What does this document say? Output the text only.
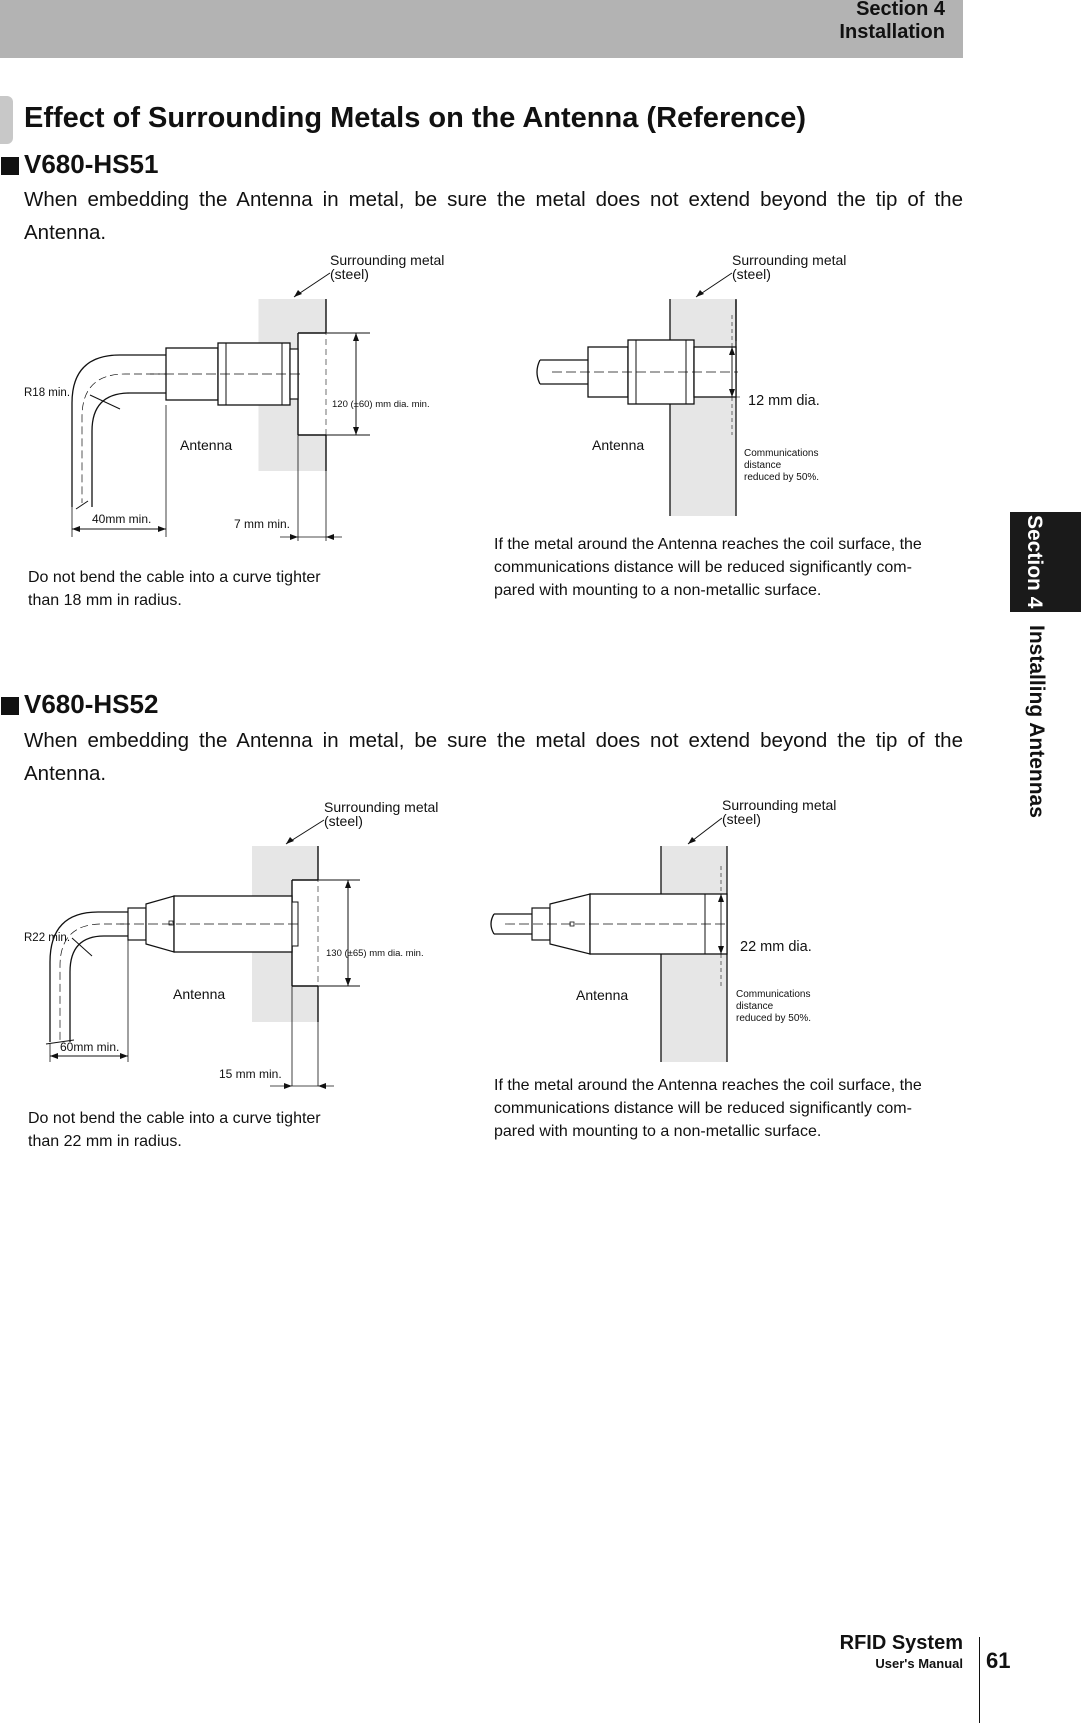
Section 4
Installation
Section 4
Installing Antennas
Effect of Surrounding Metals on the Antenna (Reference)
V680-HS51
When embedding the Antenna in metal, be sure the metal does not extend beyond the tip of the Antenna.
Surrounding metal
(steel)
R18 min.
Antenna
120 (±60) mm dia. min.
40mm min.	7 mm min.
Surrounding metal
(steel)
Antenna
12 mm dia.
Communications
distance
reduced by 50%.
Do not bend the cable into a curve tighter
than 18 mm in radius.
If the metal around the Antenna reaches the coil surface, the
communications distance will be reduced significantly com-
pared with mounting to a non-metallic surface.
V680-HS52
When embedding the Antenna in metal, be sure the metal does not extend beyond the tip of the Antenna.
Surrounding metal
(steel)
R22 min.
Antenna
130 (±65) mm dia. min.
60mm min.
15 mm min.
Surrounding metal
(steel)
Antenna
22 mm dia.
Communications
distance
reduced by 50%.
Do not bend the cable into a curve tighter
than 22 mm in radius.
If the metal around the Antenna reaches the coil surface, the
communications distance will be reduced significantly com-
pared with mounting to a non-metallic surface.
RFID System
User's Manual 61
